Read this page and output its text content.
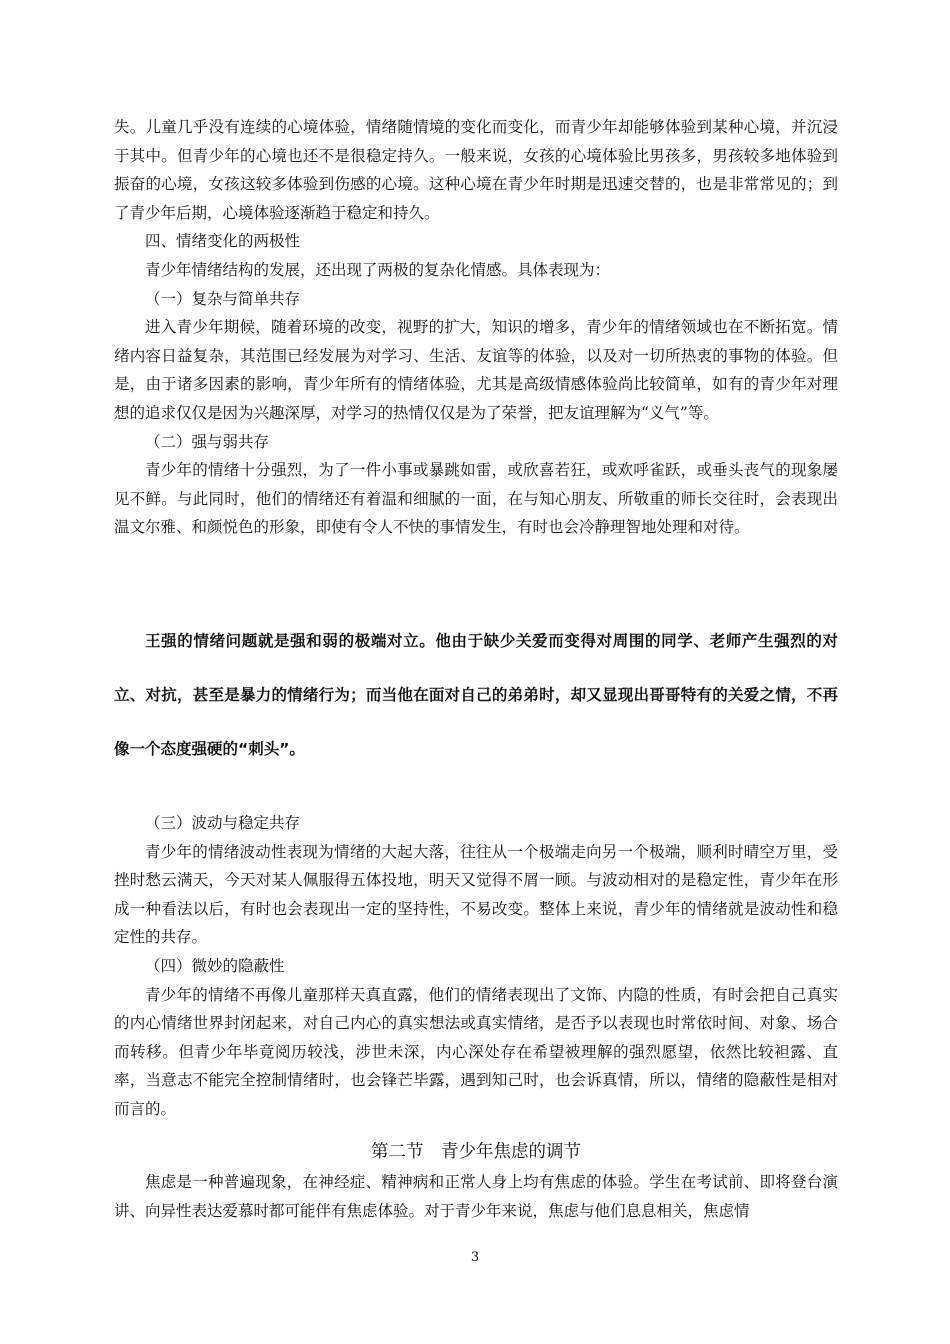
失。儿童几乎没有连续的心境体验，情绪随情境的变化而变化，而青少年却能够体验到某种心境，并沉浸于其中。但青少年的心境也还不是很稳定持久。一般来说，女孩的心境体验比男孩多，男孩较多地体验到振奋的心境，女孩这较多体验到伤感的心境。这种心境在青少年时期是迅速交替的，也是非常常见的；到了青少年后期，心境体验逐渐趋于稳定和持久。

四、情绪变化的两极性

青少年情绪结构的发展，还出现了两极的复杂化情感。具体表现为：

（一）复杂与简单共存

进入青少年期候，随着环境的改变，视野的扩大，知识的增多，青少年的情绪领域也在不断拓宽。情绪内容日益复杂，其范围已经发展为对学习、生活、友谊等的体验，以及对一切所热衷的事物的体验。但是，由于诸多因素的影响，青少年所有的情绪体验，尤其是高级情感体验尚比较简单，如有的青少年对理想的追求仅仅是因为兴趣深厚，对学习的热情仅仅是为了荣誉，把友谊理解为“义气”等。

（二）强与弱共存

青少年的情绪十分强烈，为了一件小事或暴跳如雷，或欣喜若狂，或欢呼雀跃，或垂头丧气的现象屡见不鲜。与此同时，他们的情绪还有着温和细腻的一面，在与知心朋友、所敬重的师长交往时，会表现出温文尔雅、和颜悦色的形象，即使有令人不快的事情发生，有时也会冷静理智地处理和对待。

王强的情绪问题就是强和弱的极端对立。他由于缺少关爱而变得对周围的同学、老师产生强烈的对立、对抗，甚至是暴力的情绪行为；而当他在面对自己的弟弟时，却又显现出哥哥特有的关爱之情，不再像一个态度强硬的“刺头”。

（三）波动与稳定共存

青少年的情绪波动性表现为情绪的大起大落，往往从一个极端走向另一个极端，顺利时晴空万里，受挫时愁云满天，今天对某人佩服得五体投地，明天又觉得不屑一顾。与波动相对的是稳定性，青少年在形成一种看法以后，有时也会表现出一定的坚持性，不易改变。整体上来说，青少年的情绪就是波动性和稳定性的共存。

（四）微妙的隐蔽性

青少年的情绪不再像儿童那样天真直露，他们的情绪表现出了文饰、内隐的性质，有时会把自己真实的内心情绪世界封闭起来，对自己内心的真实想法或真实情绪，是否予以表现也时常依时间、对象、场合而转移。但青少年毕竟阅历较浅，涉世未深，内心深处存在希望被理解的强烈愿望，依然比较袒露、直率，当意志不能完全控制情绪时，也会锋芒毕露，遇到知己时，也会诉真情，所以，情绪的隐蔽性是相对而言的。

第二节　青少年焦虑的调节

焦虑是一种普遍现象，在神经症、精神病和正常人身上均有焦虑的体验。学生在考试前、即将登台演讲、向异性表达爱慕时都可能伴有焦虑体验。对于青少年来说，焦虑与他们息息相关，焦虑情

3
